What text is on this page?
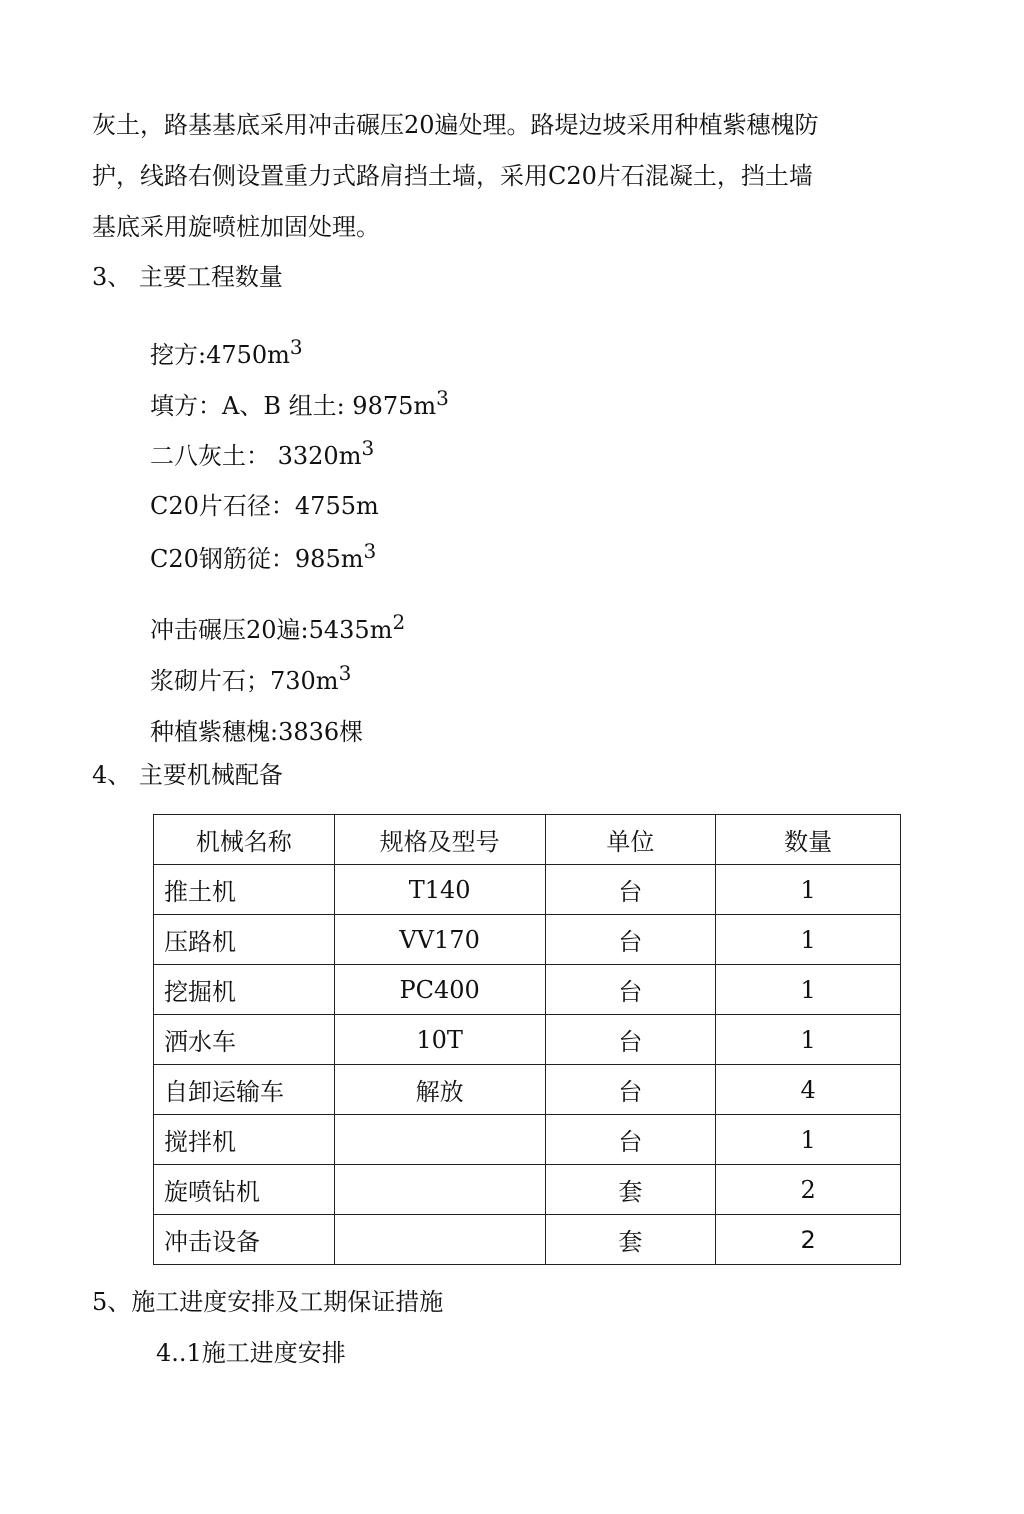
灰土，路基基底采用冲击碾压20遍处理。路堤边坡采用种植紫穗槐防
护，线路右侧设置重力式路肩挡土墙，采用C20片石混凝土，挡土墙
基底采用旋喷桩加固处理。
3、 主要工程数量
挖方$:4750m^3$
填方：A、B 组土: $9875m^3$
二八灰土： $3320m^3$
C20片石径：4755m
C20钢筋従：$985m^3$
冲击碾压20遍$:5435m^2$
浆砌片石；$730m^3$
种植紫穗槐:3836棵
4、 主要机械配备
机械名称	规格及型号	单位	数量
推土机	T140	台	1
压路机	VV170	台	1
挖掘机	PC400	台	1
洒水车	10T	台	1
自卸运输车	解放	台	4
搅拌机		台	1
旋喷钻机		套	2
冲击设备		套	2
5、施工进度安排及工期保证措施
4..1施工进度安排
